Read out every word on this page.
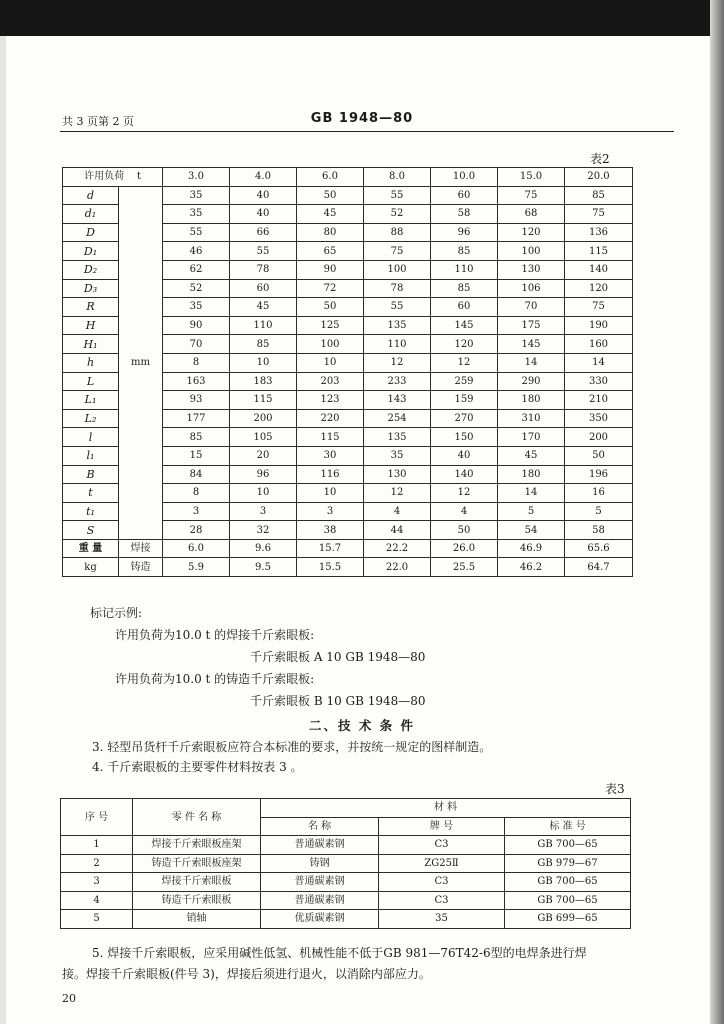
共 3 页第 2 页	GB 1948—80
表2
许用负荷 t		3.0	4.0	6.0	8.0	10.0	15.0	20.0
d		35	40	50	55	60	75	85
d₁		35	40	45	52	58	68	75
D		55	66	80	88	96	120	136
D₁		46	55	65	75	85	100	115
D₂		62	78	90	100	110	130	140
D₃		52	60	72	78	85	106	120
R		35	45	50	55	60	70	75
H		90	110	125	135	145	175	190
H₁		70	85	100	110	120	145	160
h	mm	8	10	10	12	12	14	14
L		163	183	203	233	259	290	330
L₁		93	115	123	143	159	180	210
L₂		177	200	220	254	270	310	350
l		85	105	115	135	150	170	200
l₁		15	20	30	35	40	45	50
B		84	96	116	130	140	180	196
t		8	10	10	12	12	14	16
t₁		3	3	3	4	4	5	5
S		28	32	38	44	50	54	58
重 量	焊接	6.0	9.6	15.7	22.2	26.0	46.9	65.6
kg	铸造	5.9	9.5	15.5	22.0	25.5	46.2	64.7
标记示例:
许用负荷为10.0 t 的焊接千斤索眼板:
千斤索眼板 A 10 GB 1948—80
许用负荷为10.0 t 的铸造千斤索眼板:
千斤索眼板 B 10 GB 1948—80
二、技 术 条 件
3. 轻型吊货杆千斤索眼板应符合本标准的要求，并按统一规定的图样制造。
4. 千斤索眼板的主要零件材料按表 3 。
表3
序 号	零 件 名 称	材 料		
		名 称	牌 号	标 准 号
1	焊接千斤索眼板座架	普通碳素钢	C3	GB 700—65
2	铸造千斤索眼板座架	铸钢	ZG25Ⅱ	GB 979—67
3	焊接千斤索眼板	普通碳素钢	C3	GB 700—65
4	铸造千斤索眼板	普通碳素钢	C3	GB 700—65
5	销轴	优质碳素钢	35	GB 699—65
5. 焊接千斤索眼板，应采用碱性低氢、机械性能不低于GB 981—76T42-6型的电焊条进行焊
接。焊接千斤索眼板(件号 3)，焊接后须进行退火，以消除内部应力。
20
